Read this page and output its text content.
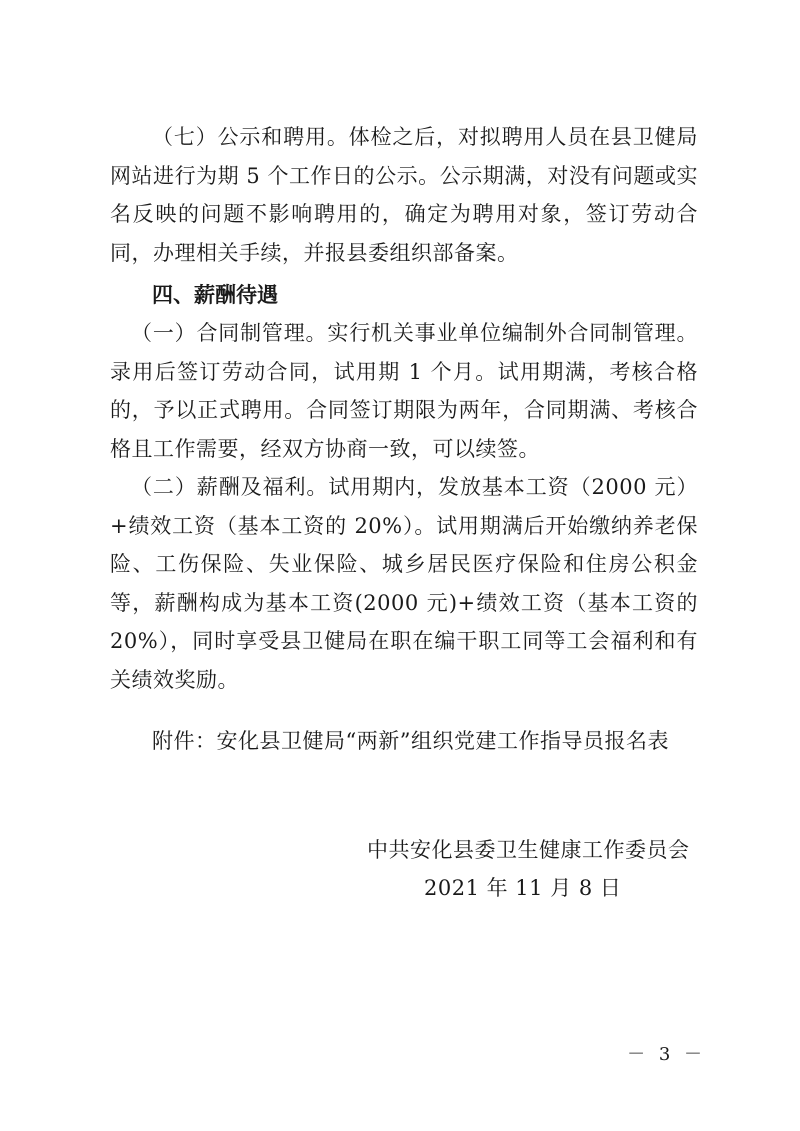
（七）公示和聘用。体检之后，对拟聘用人员在县卫健局网站进行为期 5 个工作日的公示。公示期满，对没有问题或实名反映的问题不影响聘用的，确定为聘用对象，签订劳动合同，办理相关手续，并报县委组织部备案。

四、薪酬待遇

（一）合同制管理。实行机关事业单位编制外合同制管理。录用后签订劳动合同，试用期 1 个月。试用期满，考核合格的，予以正式聘用。合同签订期限为两年，合同期满、考核合格且工作需要，经双方协商一致，可以续签。

（二）薪酬及福利。试用期内，发放基本工资（2000 元）+绩效工资（基本工资的 20%）。试用期满后开始缴纳养老保险、工伤保险、失业保险、城乡居民医疗保险和住房公积金等，薪酬构成为基本工资(2000 元)+绩效工资（基本工资的 20%），同时享受县卫健局在职在编干职工同等工会福利和有关绩效奖励。

附件：安化县卫健局“两新”组织党建工作指导员报名表

中共安化县委卫生健康工作委员会

2021 年 11 月 8 日

－ 3 －
